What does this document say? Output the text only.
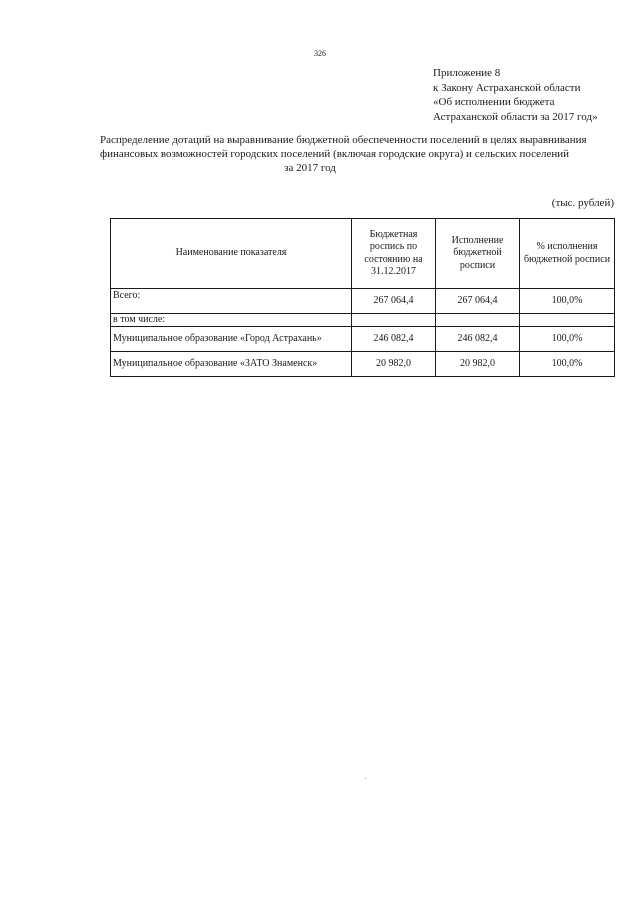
326
Приложение 8
к Закону Астраханской области
«Об исполнении бюджета
Астраханской области за 2017 год»
Распределение дотаций на выравнивание бюджетной обеспеченности поселений в целях выравнивания
финансовых возможностей городских поселений (включая городские округа) и сельских поселений
за 2017 год
(тыс. рублей)
Наименование показателя	Бюджетная роспись по состоянию на 31.12.2017	Исполнение бюджетной росписи	% исполнения бюджетной росписи
Всего:	267 064,4	267 064,4	100,0%
в том числе:			
Муниципальное образование «Город Астрахань»	246 082,4	246 082,4	100,0%
Муниципальное образование «ЗАТО Знаменск»	20 982,0	20 982,0	100,0%
